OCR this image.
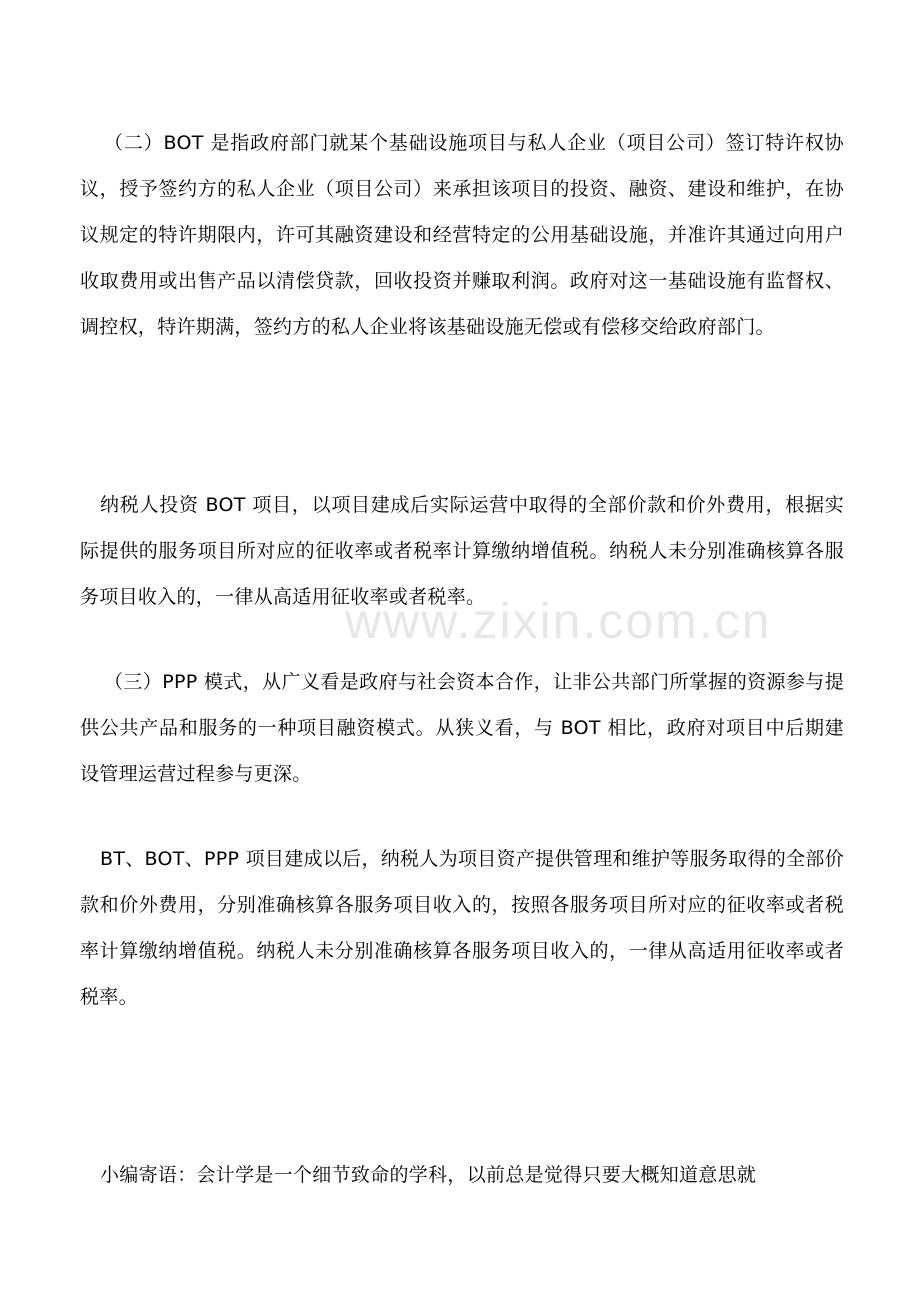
（二）BOT 是指政府部门就某个基础设施项目与私人企业（项目公司）签订特许权协议，授予签约方的私人企业（项目公司）来承担该项目的投资、融资、建设和维护，在协议规定的特许期限内，许可其融资建设和经营特定的公用基础设施，并准许其通过向用户收取费用或出售产品以清偿贷款，回收投资并赚取利润。政府对这一基础设施有监督权、调控权，特许期满，签约方的私人企业将该基础设施无偿或有偿移交给政府部门。

纳税人投资 BOT 项目，以项目建成后实际运营中取得的全部价款和价外费用，根据实际提供的服务项目所对应的征收率或者税率计算缴纳增值税。纳税人未分别准确核算各服务项目收入的，一律从高适用征收率或者税率。

（三）PPP 模式，从广义看是政府与社会资本合作，让非公共部门所掌握的资源参与提供公共产品和服务的一种项目融资模式。从狭义看，与 BOT 相比，政府对项目中后期建设管理运营过程参与更深。

BT、BOT、PPP 项目建成以后，纳税人为项目资产提供管理和维护等服务取得的全部价款和价外费用，分别准确核算各服务项目收入的，按照各服务项目所对应的征收率或者税率计算缴纳增值税。纳税人未分别准确核算各服务项目收入的，一律从高适用征收率或者税率。

小编寄语：会计学是一个细节致命的学科，以前总是觉得只要大概知道意思就

www.zixin.com.cn
